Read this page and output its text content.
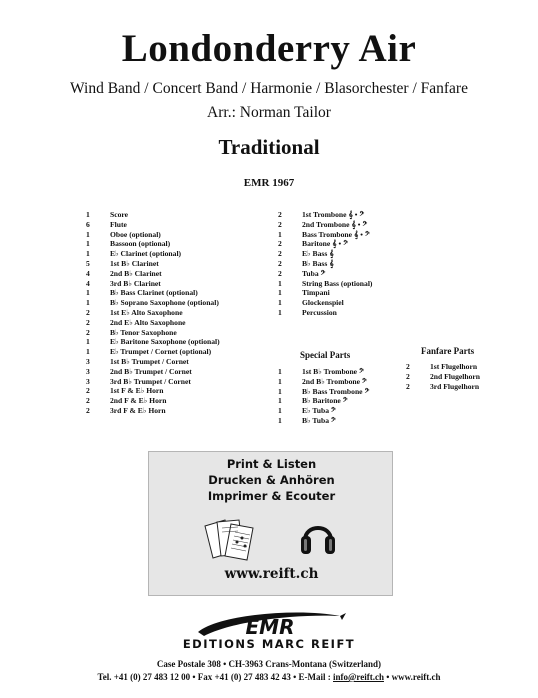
Londonderry Air
Wind Band / Concert Band / Harmonie / Blasorchester / Fanfare
Arr.: Norman Tailor
Traditional
EMR 1967
1	Score
6	Flute
1	Oboe (optional)
1	Bassoon (optional)
1	E♭ Clarinet (optional)
5	1st B♭ Clarinet
4	2nd B♭ Clarinet
4	3rd B♭ Clarinet
1	B♭ Bass Clarinet (optional)
1	B♭ Soprano Saxophone (optional)
2	1st E♭ Alto Saxophone
2	2nd E♭ Alto Saxophone
2	B♭ Tenor Saxophone
1	E♭ Baritone Saxophone (optional)
1	E♭ Trumpet / Cornet (optional)
3	1st B♭ Trumpet / Cornet
3	2nd B♭ Trumpet / Cornet
3	3rd B♭ Trumpet / Cornet
2	1st F & E♭ Horn
2	2nd F & E♭ Horn
2	3rd F & E♭ Horn
2	1st Trombone 𝄞 • 𝄢
2	2nd Trombone 𝄞 • 𝄢
1	Bass Trombone 𝄞 • 𝄢
2	Baritone 𝄞 • 𝄢
2	E♭ Bass 𝄞
2	B♭ Bass 𝄞
2	Tuba 𝄢
1	String Bass (optional)
1	Timpani
1	Glockenspiel
1	Percussion
Special Parts
1	1st B♭ Trombone 𝄢
1	2nd B♭ Trombone 𝄢
1	B♭ Bass Trombone 𝄢
1	B♭ Baritone 𝄢
1	E♭ Tuba 𝄢
1	B♭ Tuba 𝄢
Fanfare Parts
2	1st Flugelhorn
2	2nd Flugelhorn
2	3rd Flugelhorn
Print & Listen
Drucken & Anhören
Imprimer & Ecouter
www.reift.ch
EMR
EDITIONS MARC REIFT
Case Postale 308 • CH-3963 Crans-Montana (Switzerland)
Tel. +41 (0) 27 483 12 00 • Fax +41 (0) 27 483 42 43 • E-Mail : info@reift.ch • www.reift.ch
